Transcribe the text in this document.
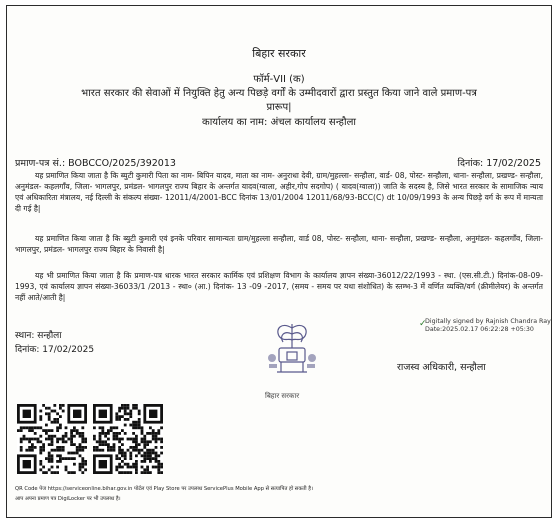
बिहार सरकार
फॉर्म-VII (क)
भारत सरकार की सेवाओं में नियुक्ति हेतु अन्य पिछड़े वर्गों के उम्मीदवारों द्वारा प्रस्तुत किया जाने वाले प्रमाण-पत्र प्रारूप|
कार्यालय का नाम: अंचल कार्यालय सन्हौला
प्रमाण-पत्र सं.: BOBCCO/2025/392013	दिनांक: 17/02/2025
यह प्रमाणित किया जाता है कि ब्युटी कुमारी पिता का नाम- बिपिन यादव, माता का नाम- अनुराधा देवी, ग्राम/मुहल्ला- सन्हौला, वार्ड- 08, पोस्ट- सन्हौला, थाना- सन्हौला, प्रखण्ड- सन्हौला, अनुमंडल- कहलगाँव, जिला- भागलपुर, प्रमंडल- भागलपुर राज्य बिहार के अन्तर्गत यादव(ग्वाला, अहीर,गोप सदगोप) ( यादव(ग्वाला)) जाति के सदस्य है, जिसे भारत सरकार के सामाजिक न्याय एवं अधिकारिता मंत्रालय, नई दिल्ली के संकल्प संख्या- 12011/4/2001-BCC दिनांक 13/01/2004 12011/68/93-BCC(C) dt 10/09/1993 के अन्य पिछड़े वर्ग के रूप में मान्यता दी गई है|
यह प्रमाणित किया जाता है कि ब्युटी कुमारी एवं इनके परिवार सामान्यतः ग्राम/मुहल्ला सन्हौला, वार्ड 08, पोस्ट- सन्हौला, थाना- सन्हौला, प्रखण्ड- सन्हौला, अनुमंडल- कहलगाँव, जिला- भागलपुर, प्रमंडल- भागलपुर राज्य बिहार के निवासी है|
यह भी प्रमाणित किया जाता है कि प्रमाण-पत्र धारक भारत सरकार कार्मिक एवं प्रशिक्षण विभाग के कार्यालय ज्ञापन संख्या-36012/22/1993 - स्था. (एस.सी.टी.) दिनांक-08-09-1993, एवं कार्यालय ज्ञापन संख्या-36033/1 /2013 - स्था० (आ.) दिनांक- 13 -09 -2017, (समय - समय पर यथा संशोधित) के स्तम्भ-3 में वर्णित व्यक्ति/वर्ग (क्रीमीलेयर) के अन्तर्गत नहीं आते/आती है|
स्थान: सन्हौला
दिनांक: 17/02/2025
बिहार सरकार
✓
Digitally signed by Rajnish Chandra Ray
Date:2025.02.17 06:22:28 +05:30
राजस्व अधिकारी, सन्हौला
QR Code पेज https://serviceonline.bihar.gov.in पोर्टल एवं Play Store पर उपलब्ध ServicePlus Mobile App से सत्यापित हो सकती है।
आप अपना प्रमाण पत्र DigiLocker पर भी उपलब्ध है।
